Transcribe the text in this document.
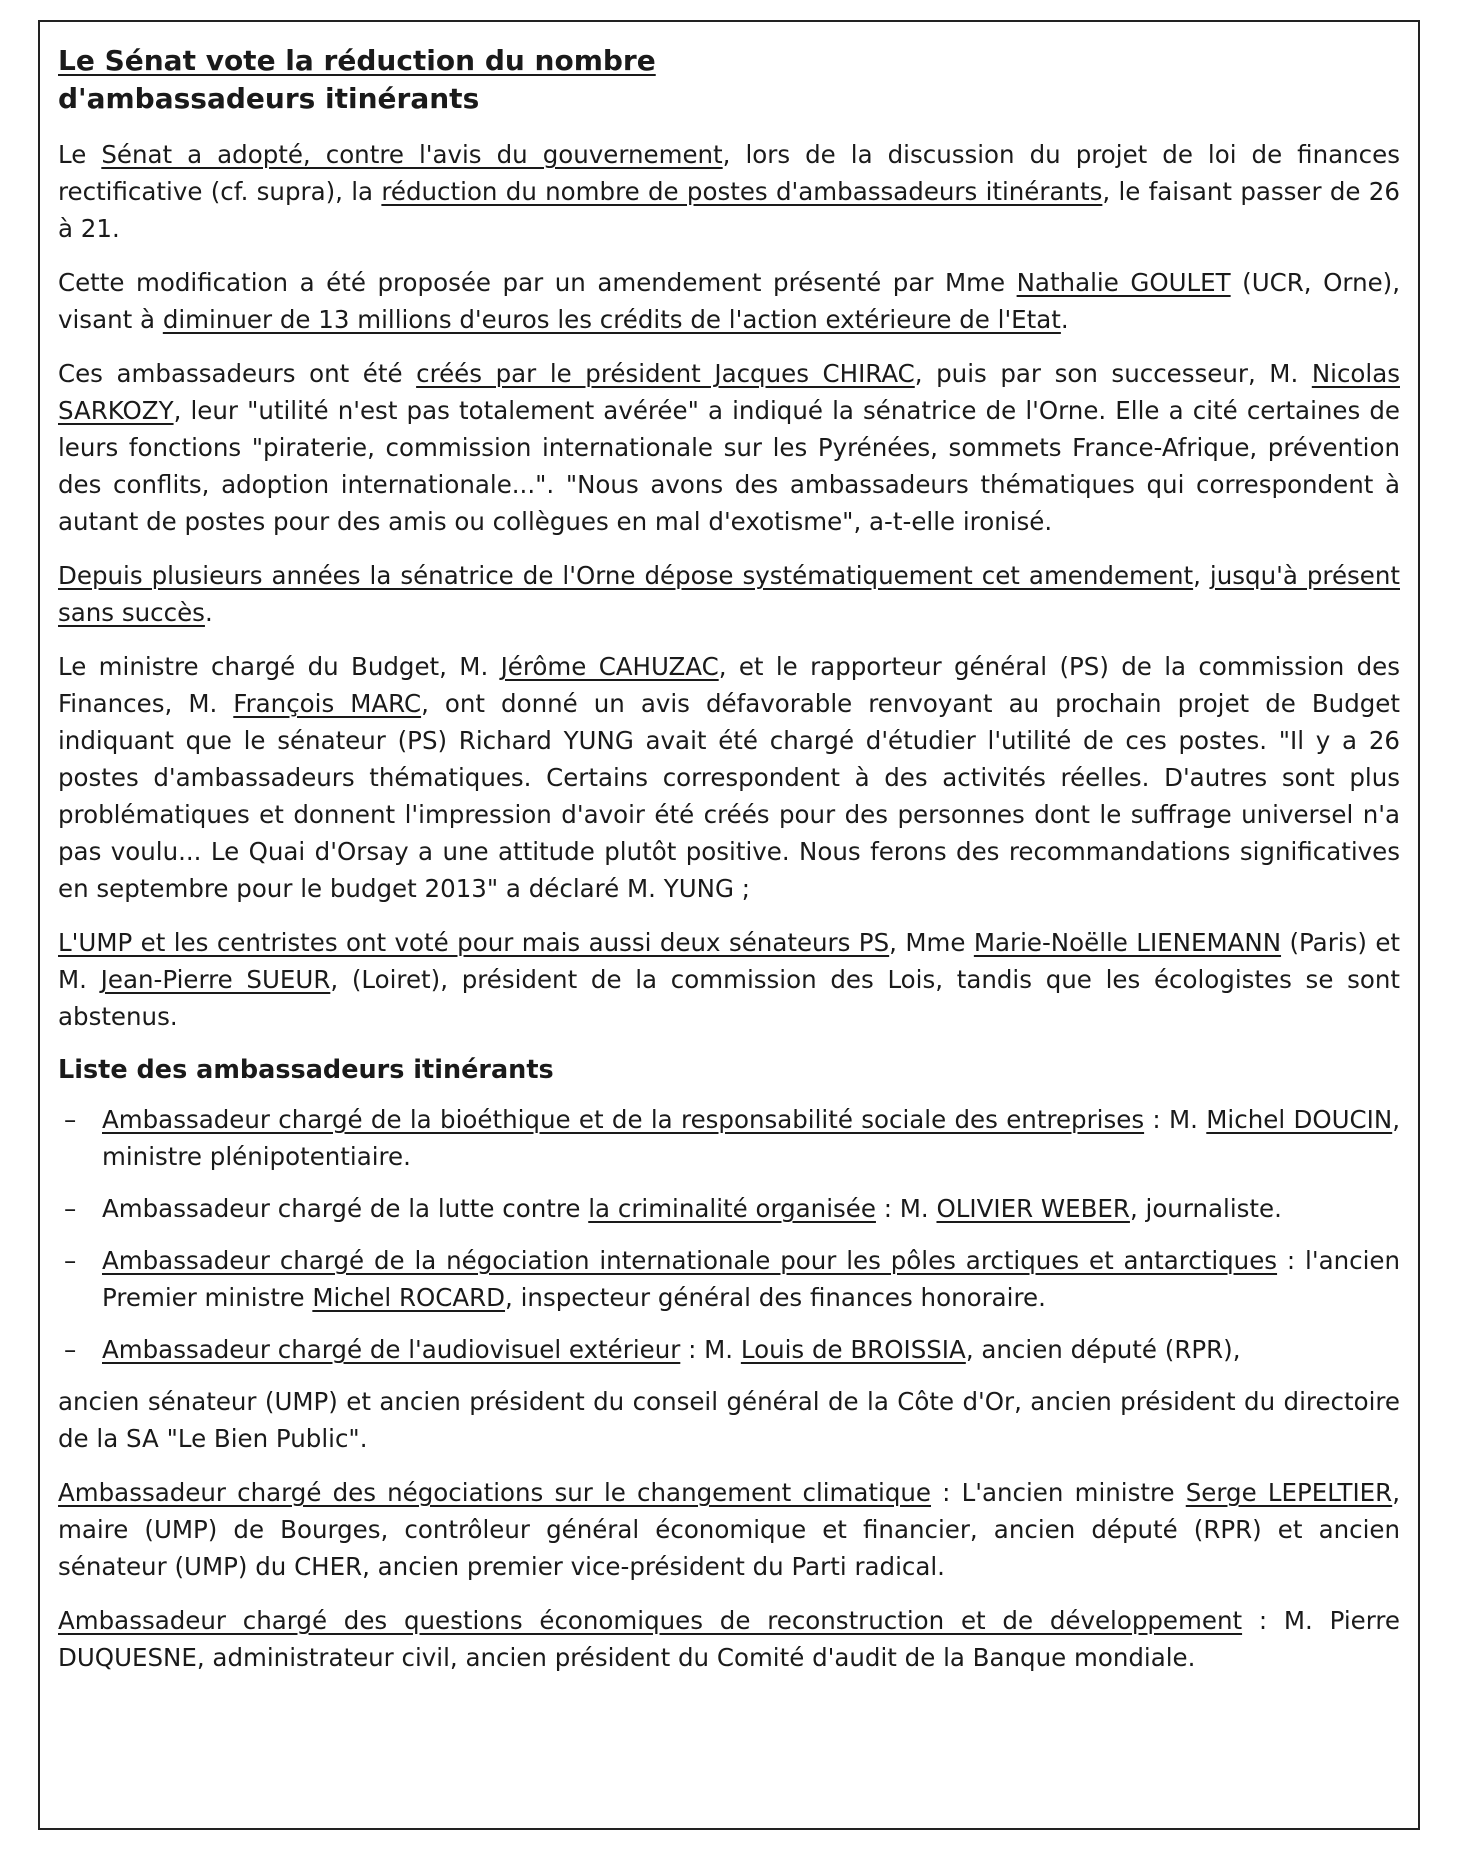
Le Sénat vote la réduction du nombre
d'ambassadeurs itinérants

Le Sénat a adopté, contre l'avis du gouvernement, lors de la discussion du projet de loi de finances rectificative (cf. supra), la réduction du nombre de postes d'ambassadeurs itinérants, le faisant passer de 26 à 21.

Cette modification a été proposée par un amendement présenté par Mme Nathalie GOULET (UCR, Orne), visant à diminuer de 13 millions d'euros les crédits de l'action extérieure de l'Etat.

Ces ambassadeurs ont été créés par le président Jacques CHIRAC, puis par son successeur, M. Nicolas SARKOZY, leur "utilité n'est pas totalement avérée" a indiqué la sénatrice de l'Orne. Elle a cité certaines de leurs fonctions "piraterie, commission internationale sur les Pyrénées, sommets France-Afrique, prévention des conflits, adoption internationale...". "Nous avons des ambassadeurs thématiques qui correspondent à autant de postes pour des amis ou collègues en mal d'exotisme", a-t-elle ironisé.

Depuis plusieurs années la sénatrice de l'Orne dépose systématiquement cet amendement, jusqu'à présent sans succès.

Le ministre chargé du Budget, M. Jérôme CAHUZAC, et le rapporteur général (PS) de la commission des Finances, M. François MARC, ont donné un avis défavorable renvoyant au prochain projet de Budget indiquant que le sénateur (PS) Richard YUNG avait été chargé d'étudier l'utilité de ces postes. "Il y a 26 postes d'ambassadeurs thématiques. Certains correspondent à des activités réelles. D'autres sont plus problématiques et donnent l'impression d'avoir été créés pour des personnes dont le suffrage universel n'a pas voulu... Le Quai d'Orsay a une attitude plutôt positive. Nous ferons des recommandations significatives en septembre pour le budget 2013" a déclaré M. YUNG ;

L'UMP et les centristes ont voté pour mais aussi deux sénateurs PS, Mme Marie-Noëlle LIENEMANN (Paris) et M. Jean-Pierre SUEUR, (Loiret), président de la commission des Lois, tandis que les écologistes se sont abstenus.

Liste des ambassadeurs itinérants
– Ambassadeur chargé de la bioéthique et de la responsabilité sociale des entreprises : M. Michel DOUCIN, ministre plénipotentiaire.
– Ambassadeur chargé de la lutte contre la criminalité organisée : M. OLIVIER WEBER, journaliste.
– Ambassadeur chargé de la négociation internationale pour les pôles arctiques et antarctiques : l'ancien Premier ministre Michel ROCARD, inspecteur général des finances honoraire.
– Ambassadeur chargé de l'audiovisuel extérieur : M. Louis de BROISSIA, ancien député (RPR),

ancien sénateur (UMP) et ancien président du conseil général de la Côte d'Or, ancien président du directoire de la SA "Le Bien Public".

Ambassadeur chargé des négociations sur le changement climatique : L'ancien ministre Serge LEPELTIER, maire (UMP) de Bourges, contrôleur général économique et financier, ancien député (RPR) et ancien sénateur (UMP) du CHER, ancien premier vice-président du Parti radical.

Ambassadeur chargé des questions économiques de reconstruction et de développement : M. Pierre DUQUESNE, administrateur civil, ancien président du Comité d'audit de la Banque mondiale.
